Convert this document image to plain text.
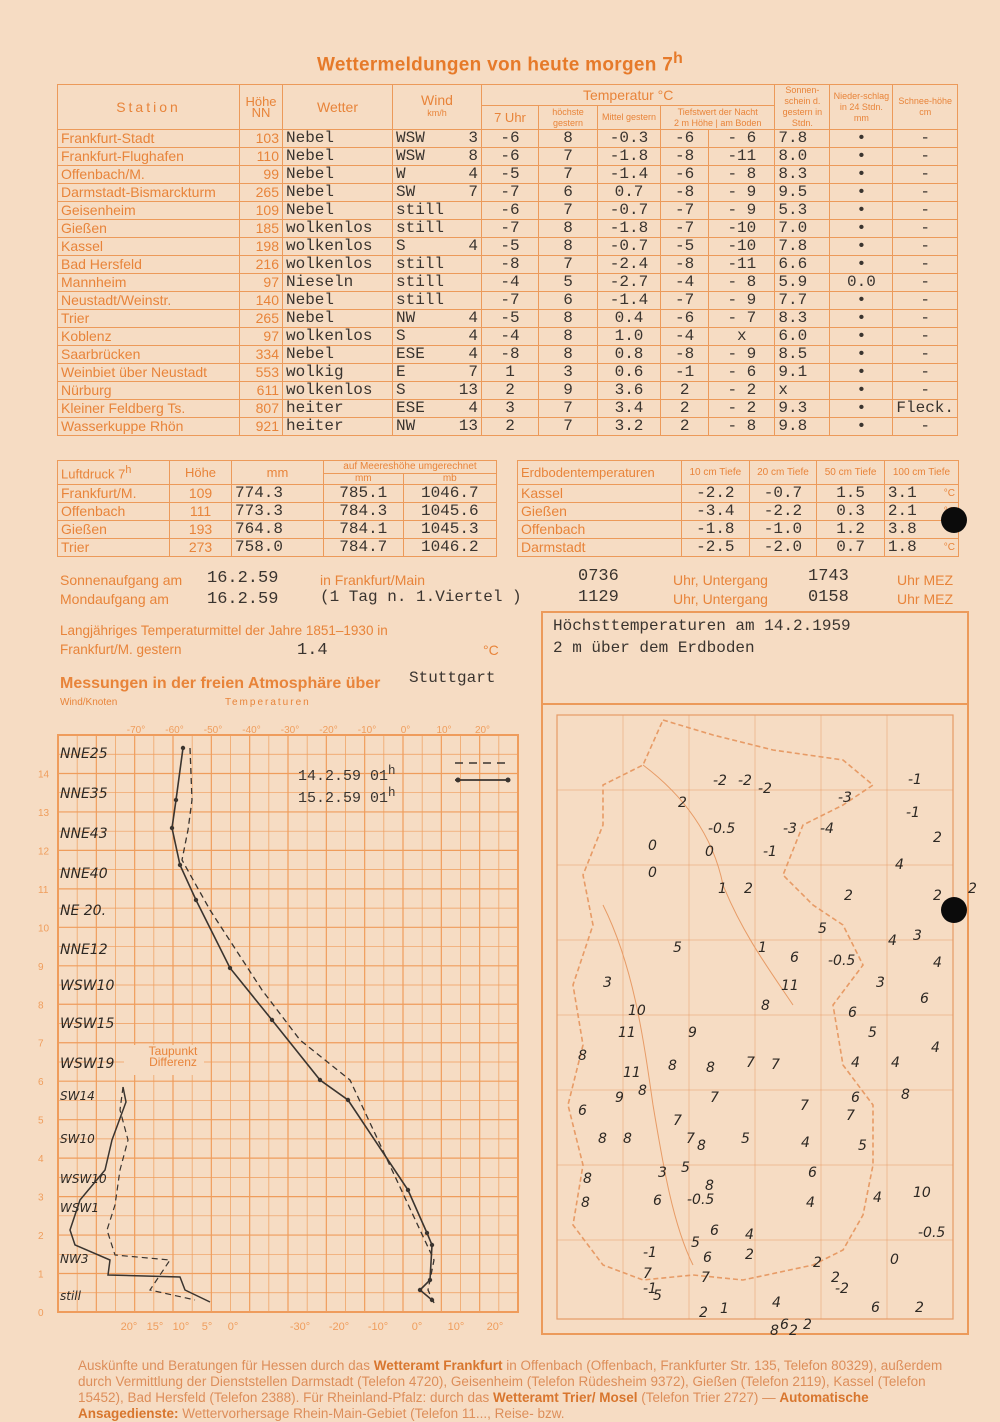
Wettermeldungen von heute morgen 7$^h$
Station	Höhe NN	Wetter	Wind
km/h	Temperatur °C					Sonnen-schein d. gestern in Stdn.	Nieder-schlag in 24 Stdn. mm	Schnee-höhe cm
				7 Uhr	höchste gestern	Mittel gestern	Tiefstwert der Nacht
2 m Höhe | am Boden				
Frankfurt-Stadt	103	Nebel	WSW 3	-6	8	-0.3	-6	- 6	7.8	•	-
Frankfurt-Flughafen	110	Nebel	WSW 8	-6	7	-1.8	-8	-11	8.0	•	-
Offenbach/M.	99	Nebel	W 4	-5	7	-1.4	-6	- 8	8.3	•	-
Darmstadt-Bismarckturm	265	Nebel	SW 7	-7	6	0.7	-8	- 9	9.5	•	-
Geisenheim	109	Nebel	still	-6	7	-0.7	-7	- 9	5.3	•	-
Gießen	185	wolkenlos	still	-7	8	-1.8	-7	-10	7.0	•	-
Kassel	198	wolkenlos	S 4	-5	8	-0.7	-5	-10	7.8	•	-
Bad Hersfeld	216	wolkenlos	still	-8	7	-2.4	-8	-11	6.6	•	-
Mannheim	97	Nieseln	still	-4	5	-2.7	-4	- 8	5.9	0.0	-
Neustadt/Weinstr.	140	Nebel	still	-7	6	-1.4	-7	- 9	7.7	•	-
Trier	265	Nebel	NW 4	-5	8	0.4	-6	- 7	8.3	•	-
Koblenz	97	wolkenlos	S 4	-4	8	1.0	-4	x	6.0	•	-
Saarbrücken	334	Nebel	ESE 4	-8	8	0.8	-8	- 9	8.5	•	-
Weinbiet über Neustadt	553	wolkig	E 7	1	3	0.6	-1	- 6	9.1	•	-
Nürburg	611	wolkenlos	S 13	2	9	3.6	2	- 2	x	•	-
Kleiner Feldberg Ts.	807	heiter	ESE 4	3	7	3.4	2	- 2	9.3	•	Fleck.
Wasserkuppe Rhön	921	heiter	NW 13	2	7	3.2	2	- 8	9.8	•	-
Luftdruck 7$^h$	Höhe	mm	auf Meereshöhe umgerechnet	
			mm	mb
Frankfurt/M.	109	774.3	785.1	1046.7
Offenbach	111	773.3	784.3	1045.6
Gießen	193	764.8	784.1	1045.3
Trier	273	758.0	784.7	1046.2
Erdbodentemperaturen	10 cm Tiefe	20 cm Tiefe	50 cm Tiefe	100 cm Tiefe
Kassel	-2.2	-0.7	1.5	3.1 °C

Gießen	-3.4	-2.2	0.3	2.1

Offenbach	-1.8	-1.0	1.2	3.8

Darmstadt	-2.5	-2.0	0.7	1.8 °C
Sonnenaufgang am 16.2.59	in Frankfurt/Main	0736	Uhr, Untergang 1743	Uhr MEZ
Mondaufgang am 16.2.59	(1 Tag n. 1.Viertel )	1129	Uhr, Untergang 0158	Uhr MEZ
Langjähriges Temperaturmittel der Jahre 1851–1930 in
Frankfurt/M. gestern	1.4	°C
Messungen in der freien Atmosphäre über Stuttgart
Wind/Knoten	Temperaturen
14
13
12
11
10
9
8
7
6
5
4
3
2
1
0
-70° -60° -50° -40° -30° -20° -10° 0°	10° 20°
20° 15° 10° 5° 0°	-30° -20° -10° 0° 10° 20°
NNE25
NNE35
NNE43
NNE40
NE 20.
NNE12
WSW10
WSW15
WSW19
SW14
SW10
WSW10
WSW1
NW3
still
14.2.59 01$^h$
15.2.59 01$^h$
Taupunkt Differenz
Höchsttemperaturen am 14.2.1959
2 m über dem Erdboden
-2 -2 -2
-1
2	-3
-1
-0.5	-3 -4
2
0	0	-1
4
0
1 2	2
2	2
5
4 3
5	1
6 -0.5	4
3	11	3
6
10	8	6
11	9	5
4
8	7 7	4 4
11 8 8
9 8	7	7	6	8
6	7
7
8 8	7 8	5	4	5
5
3	6
8	8
4
8	-0.5	10
4
6
-0.5
6 4
5
6 2
-1
7
2	0
7	2
-1	-2
5	4	6	2
2 1
6 2
8 2
Auskünfte und Beratungen für Hessen durch das Wetteramt Frankfurt in Offenbach (Offenbach, Frankfurter Str. 135, Telefon 80329), außerdem durch Vermittlung der Dienststellen Darmstadt (Telefon 4720), Geisenheim (Telefon Rüdesheim 9372), Gießen (Telefon 2119), Kassel (Telefon 15452), Bad Hersfeld (Telefon 2388). Für Rheinland-Pfalz: durch das Wetteramt Trier/ Mosel (Telefon Trier 2727) — Automatische Ansagedienste: Wettervorhersage Rhein-Main-Gebiet (Telefon 11..., Reise- bzw.
